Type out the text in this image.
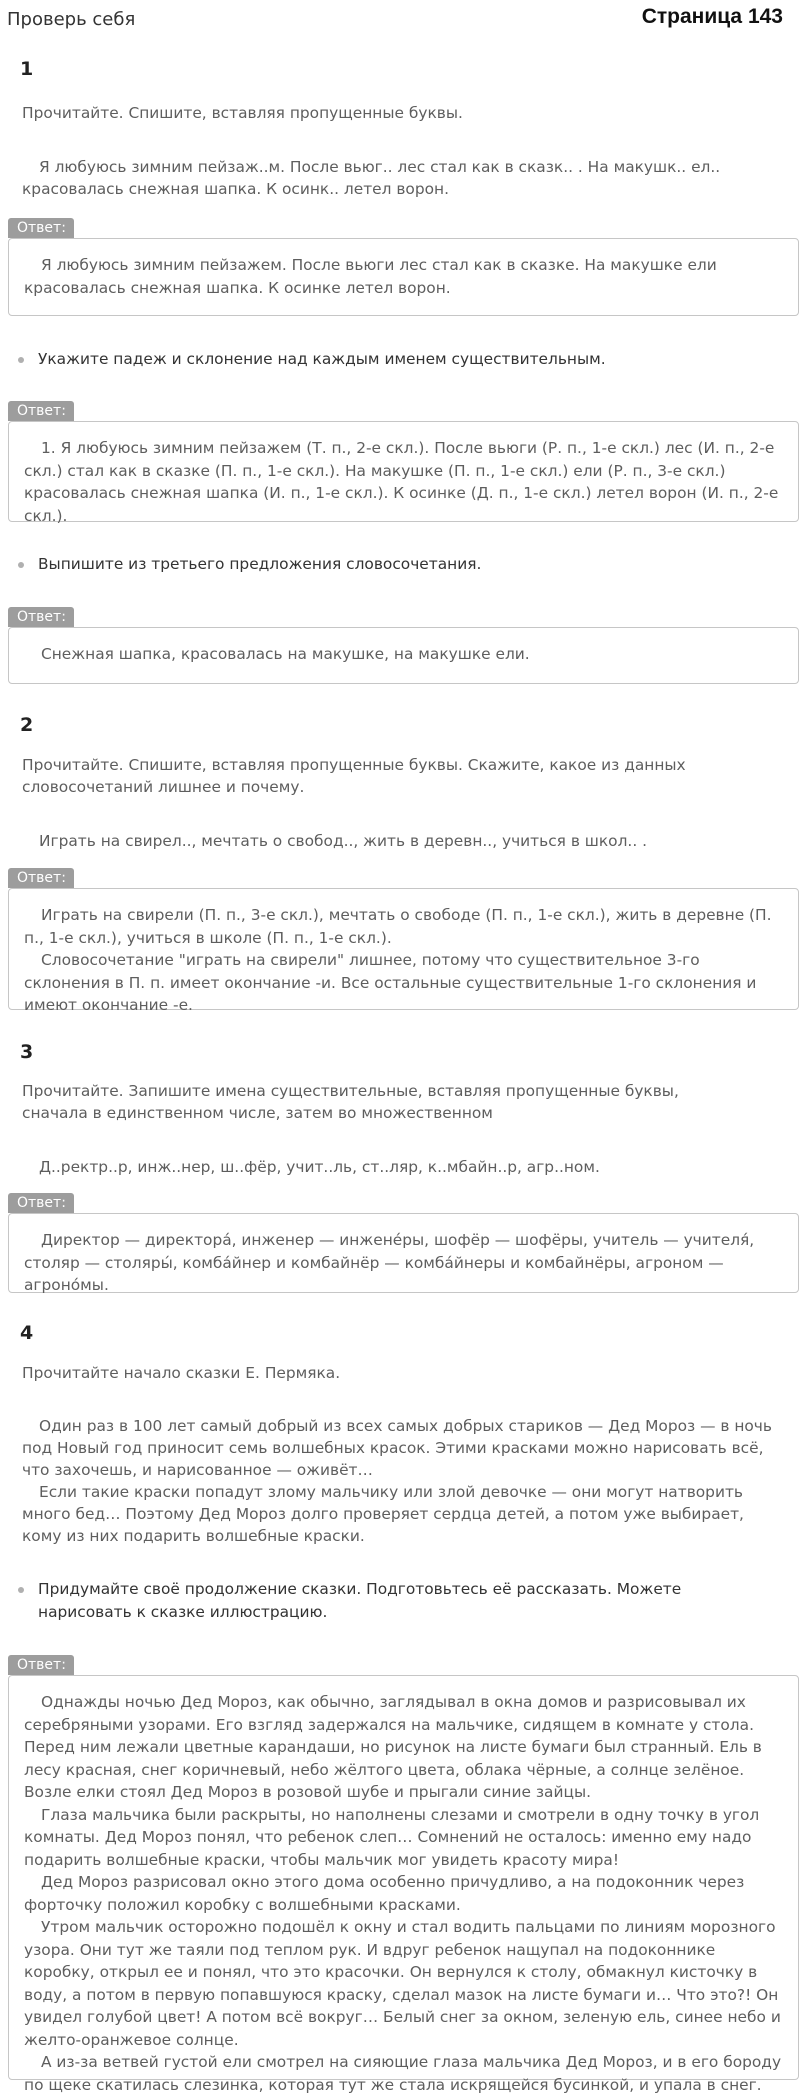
Проверь себя	Страница 143
1
Прочитайте. Спишите, вставляя пропущенные буквы.

Я любуюсь зимним пейзаж..м. После вьюг.. лес стал как в сказк.. . На макушк.. ел.. красовалась снежная шапка. К осинк.. летел ворон.

Ответ:

Я любуюсь зимним пейзажем. После вьюги лес стал как в сказке. На макушке ели красовалась снежная шапка. К осинке летел ворон.

Укажите падеж и склонение над каждым именем существительным.
Ответ:

1. Я любуюсь зимним пейзажем (Т. п., 2-е скл.). После вьюги (Р. п., 1-е скл.) лес (И. п., 2-е скл.) стал как в сказке (П. п., 1-е скл.). На макушке (П. п., 1-е скл.) ели (Р. п., 3-е скл.) красовалась снежная шапка (И. п., 1-е скл.). К осинке (Д. п., 1-е скл.) летел ворон (И. п., 2-е скл.).

Выпишите из третьего предложения словосочетания.
Ответ:

Снежная шапка, красовалась на макушке, на макушке ели.

2
Прочитайте. Спишите, вставляя пропущенные буквы. Скажите, какое из данных словосочетаний лишнее и почему.

Играть на свирел.., мечтать о свобод.., жить в деревн.., учиться в школ.. .

Ответ:

Играть на свирели (П. п., 3-е скл.), мечтать о свободе (П. п., 1-е скл.), жить в деревне (П. п., 1-е скл.), учиться в школе (П. п., 1-е скл.).

Словосочетание "играть на свирели" лишнее, потому что существительное 3-го склонения в П. п. имеет окончание -и. Все остальные существительные 1-го склонения и имеют окончание -е.

3
Прочитайте. Запишите имена существительные, вставляя пропущенные буквы, сначала в единственном числе, затем во множественном

Д..ректр..р, инж..нер, ш..фёр, учит..ль, ст..ляр, к..мбайн..р, агр..ном.

Ответ:

Директор — директора́, инженер — инжене́ры, шофёр — шофёры, учитель — учителя́, столяр — столяры́, комба́йнер и комбайнёр — комба́йнеры и комбайнёры, агроном — агроно́мы.

4
Прочитайте начало сказки Е. Пермяка.

Один раз в 100 лет самый добрый из всех самых добрых стариков — Дед Мороз — в ночь под Новый год приносит семь волшебных красок. Этими красками можно нарисовать всё, что захочешь, и нарисованное — оживёт…

Если такие краски попадут злому мальчику или злой девочке — они могут натворить много бед… Поэтому Дед Мороз долго проверяет сердца детей, а потом уже выбирает, кому из них подарить волшебные краски.

Придумайте своё продолжение сказки. Подготовьтесь её рассказать. Можете нарисовать к сказке иллюстрацию.
Ответ:

Однажды ночью Дед Мороз, как обычно, заглядывал в окна домов и разрисовывал их серебряными узорами. Его взгляд задержался на мальчике, сидящем в комнате у стола. Перед ним лежали цветные карандаши, но рисунок на листе бумаги был странный. Ель в лесу красная, снег коричневый, небо жёлтого цвета, облака чёрные, а солнце зелёное. Возле елки стоял Дед Мороз в розовой шубе и прыгали синие зайцы.

Глаза мальчика были раскрыты, но наполнены слезами и смотрели в одну точку в угол комнаты. Дед Мороз понял, что ребенок слеп… Сомнений не осталось: именно ему надо подарить волшебные краски, чтобы мальчик мог увидеть красоту мира!

Дед Мороз разрисовал окно этого дома особенно причудливо, а на подоконник через форточку положил коробку с волшебными красками.

Утром мальчик осторожно подошёл к окну и стал водить пальцами по линиям морозного узора. Они тут же таяли под теплом рук. И вдруг ребенок нащупал на подоконнике коробку, открыл ее и понял, что это красочки. Он вернулся к столу, обмакнул кисточку в воду, а потом в первую попавшуюся краску, сделал мазок на листе бумаги и… Что это?! Он увидел голубой цвет! А потом всё вокруг… Белый снег за окном, зеленую ель, синее небо и желто-оранжевое солнце.

А из-за ветвей густой ели смотрел на сияющие глаза мальчика Дед Мороз, и в его бороду по щеке скатилась слезинка, которая тут же стала искрящейся бусинкой, и упала в снег.
